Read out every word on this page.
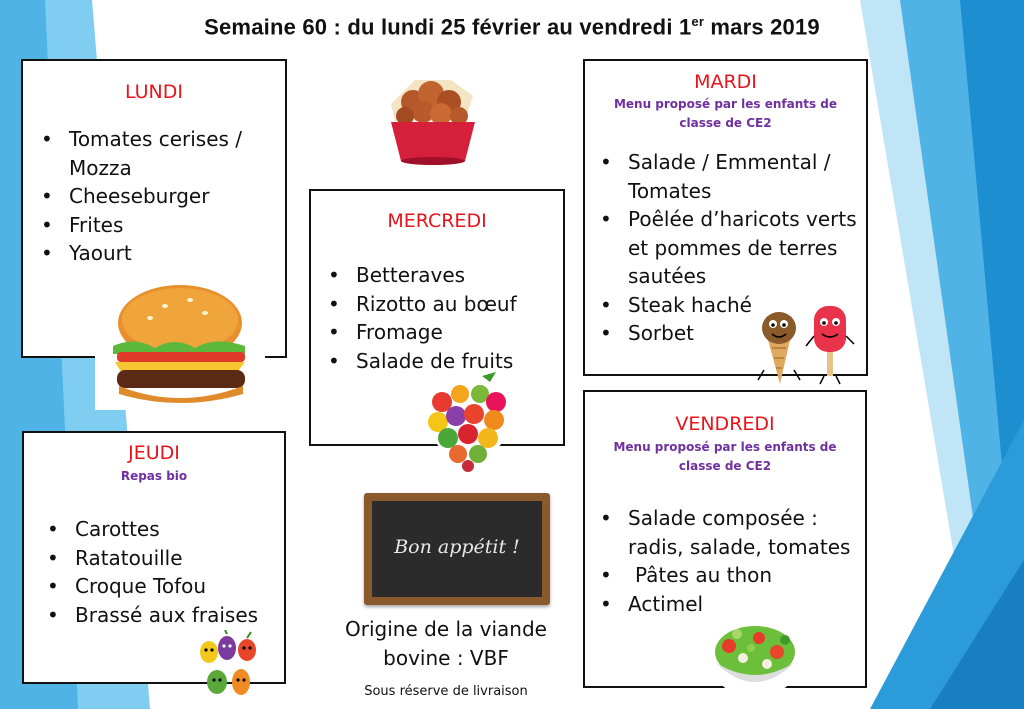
Semaine 60 : du lundi 25 février au vendredi 1er mars 2019
LUNDI
• Tomates cerises / Mozza
• Cheeseburger
• Frites
• Yaourt
MERCREDI
• Betteraves
• Rizotto au bœuf
• Fromage
• Salade de fruits
MARDI
Menu proposé par les enfants de
classe de CE2
• Salade / Emmental / Tomates
• Poêlée d’haricots verts et pommes de terres sautées
• Steak haché
• Sorbet
JEUDI
Repas bio
• Carottes
• Ratatouille
• Croque Tofou
• Brassé aux fraises
Bon appétit !
Origine de la viande
bovine : VBF
Sous réserve de livraison
VENDREDI
Menu proposé par les enfants de
classe de CE2
• Salade composée : radis, salade, tomates
• Pâtes au thon
• Actimel
